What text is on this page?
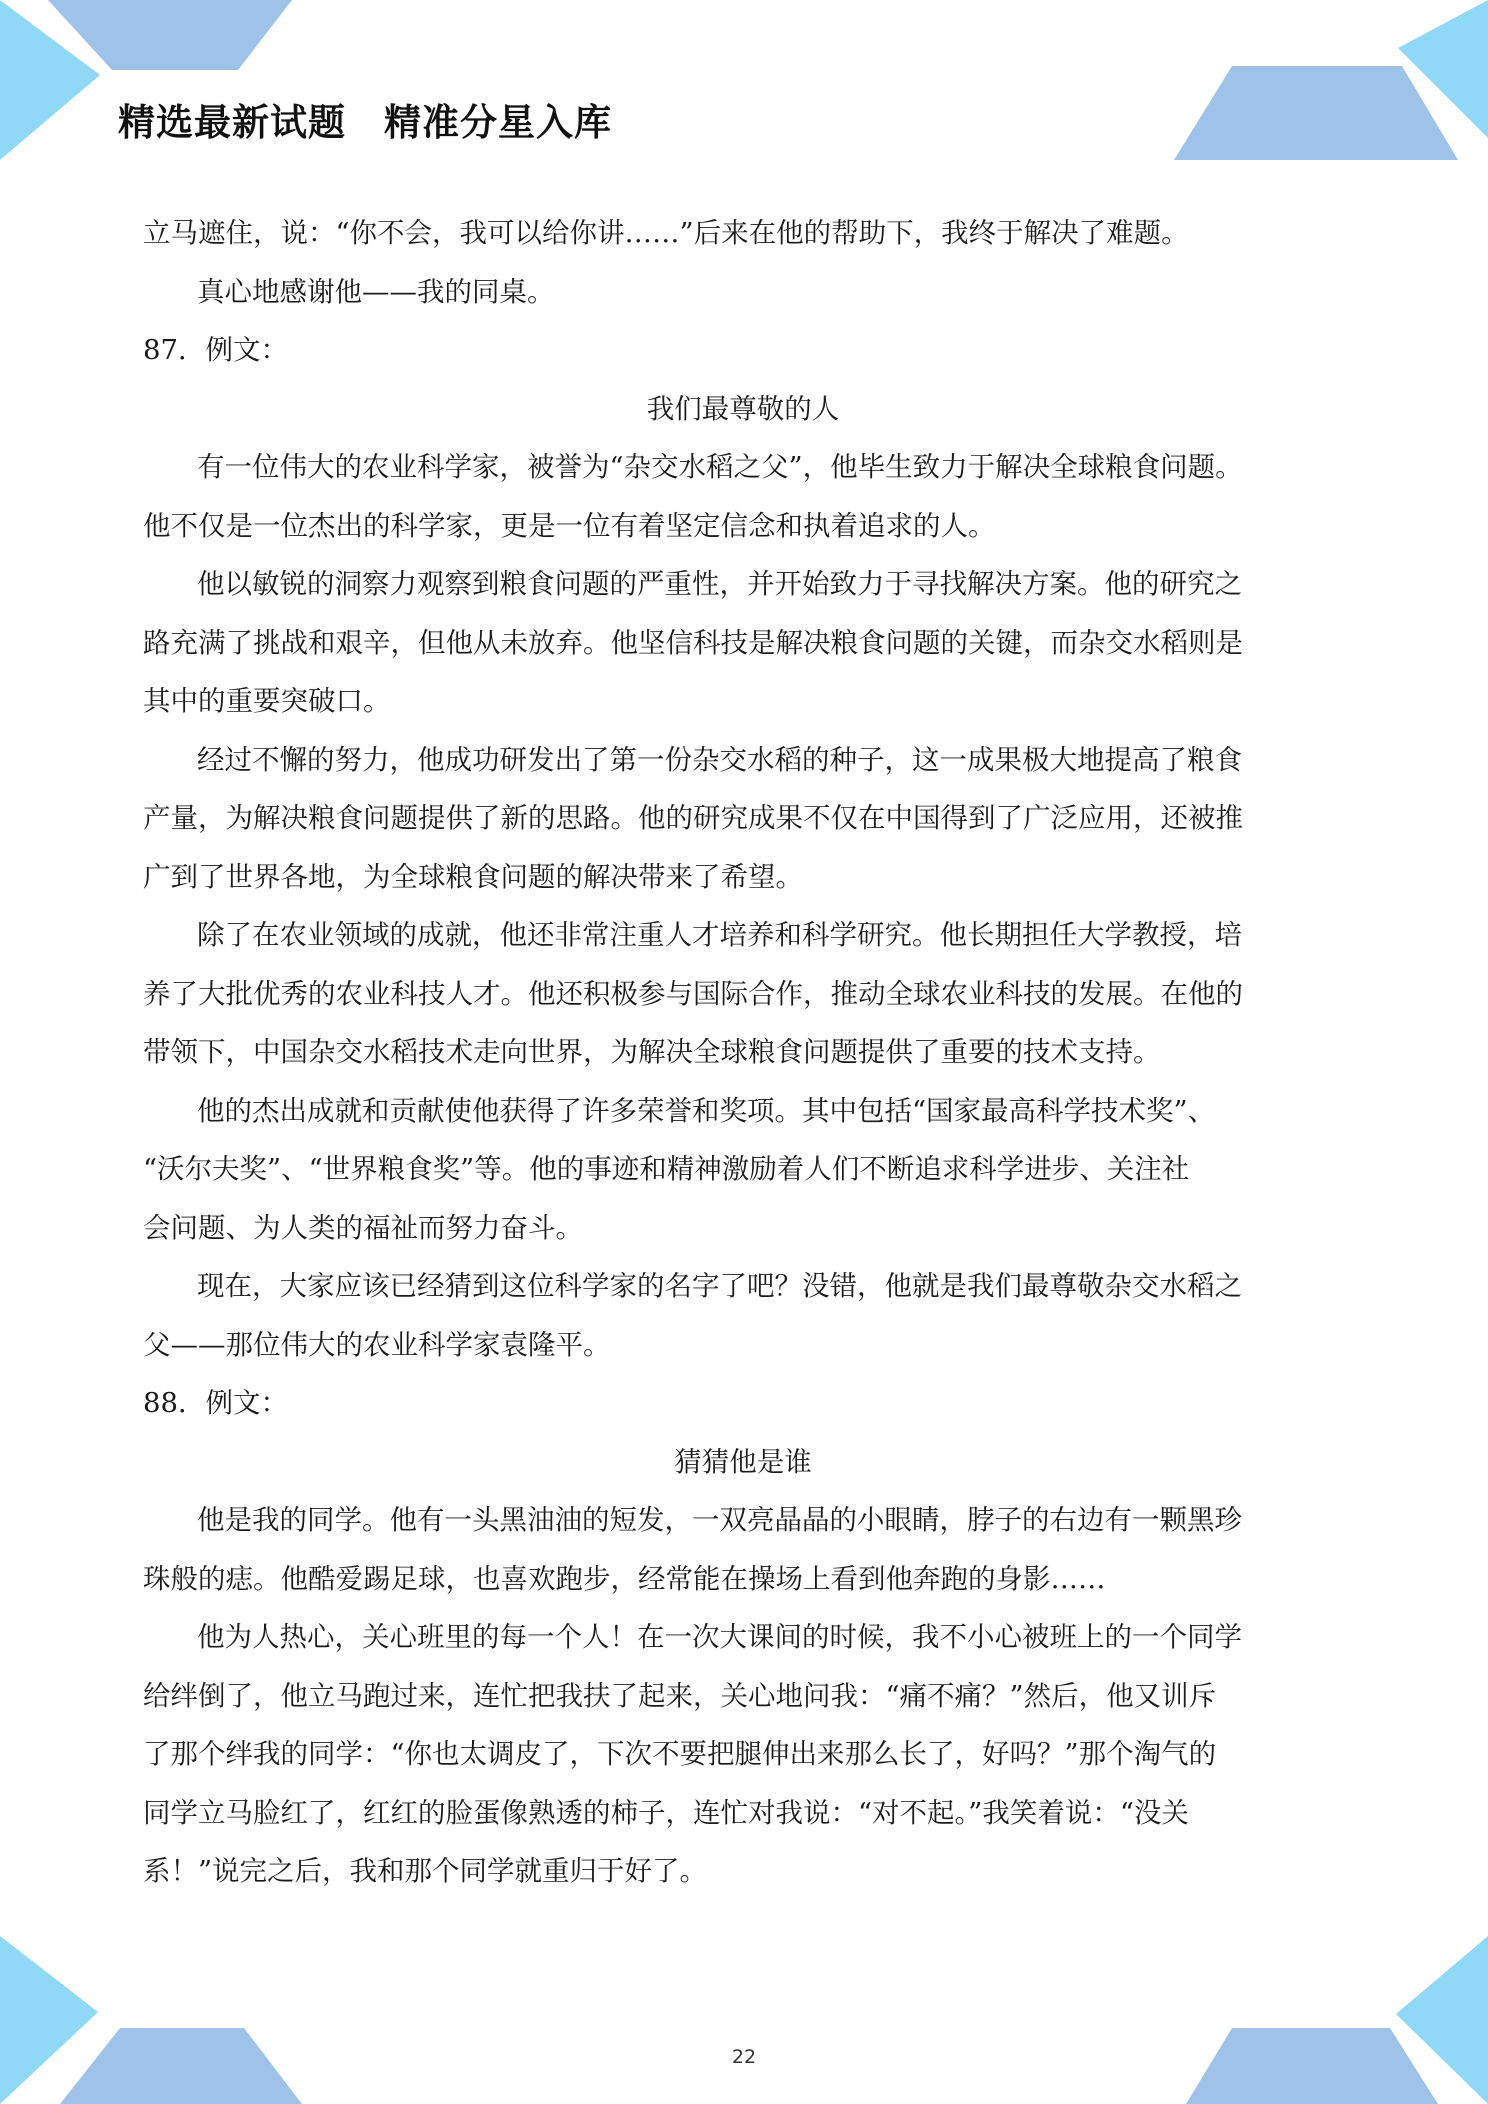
精选最新试题　精准分星入库
立马遮住，说：“你不会，我可以给你讲……”后来在他的帮助下，我终于解决了难题。
真心地感谢他——我的同桌。
87．例文：
我们最尊敬的人
有一位伟大的农业科学家，被誉为“杂交水稻之父”，他毕生致力于解决全球粮食问题。
他不仅是一位杰出的科学家，更是一位有着坚定信念和执着追求的人。
他以敏锐的洞察力观察到粮食问题的严重性，并开始致力于寻找解决方案。他的研究之
路充满了挑战和艰辛，但他从未放弃。他坚信科技是解决粮食问题的关键，而杂交水稻则是
其中的重要突破口。
经过不懈的努力，他成功研发出了第一份杂交水稻的种子，这一成果极大地提高了粮食
产量，为解决粮食问题提供了新的思路。他的研究成果不仅在中国得到了广泛应用，还被推
广到了世界各地，为全球粮食问题的解决带来了希望。
除了在农业领域的成就，他还非常注重人才培养和科学研究。他长期担任大学教授，培
养了大批优秀的农业科技人才。他还积极参与国际合作，推动全球农业科技的发展。在他的
带领下，中国杂交水稻技术走向世界，为解决全球粮食问题提供了重要的技术支持。
他的杰出成就和贡献使他获得了许多荣誉和奖项。其中包括“国家最高科学技术奖”、
“沃尔夫奖”、“世界粮食奖”等。他的事迹和精神激励着人们不断追求科学进步、关注社
会问题、为人类的福祉而努力奋斗。
现在，大家应该已经猜到这位科学家的名字了吧？没错，他就是我们最尊敬杂交水稻之
父——那位伟大的农业科学家袁隆平。
88．例文：
猜猜他是谁
他是我的同学。他有一头黑油油的短发，一双亮晶晶的小眼睛，脖子的右边有一颗黑珍
珠般的痣。他酷爱踢足球，也喜欢跑步，经常能在操场上看到他奔跑的身影……
他为人热心，关心班里的每一个人！在一次大课间的时候，我不小心被班上的一个同学
给绊倒了，他立马跑过来，连忙把我扶了起来，关心地问我：“痛不痛？”然后，他又训斥
了那个绊我的同学：“你也太调皮了，下次不要把腿伸出来那么长了，好吗？”那个淘气的
同学立马脸红了，红红的脸蛋像熟透的柿子，连忙对我说：“对不起。”我笑着说：“没关
系！”说完之后，我和那个同学就重归于好了。
22
